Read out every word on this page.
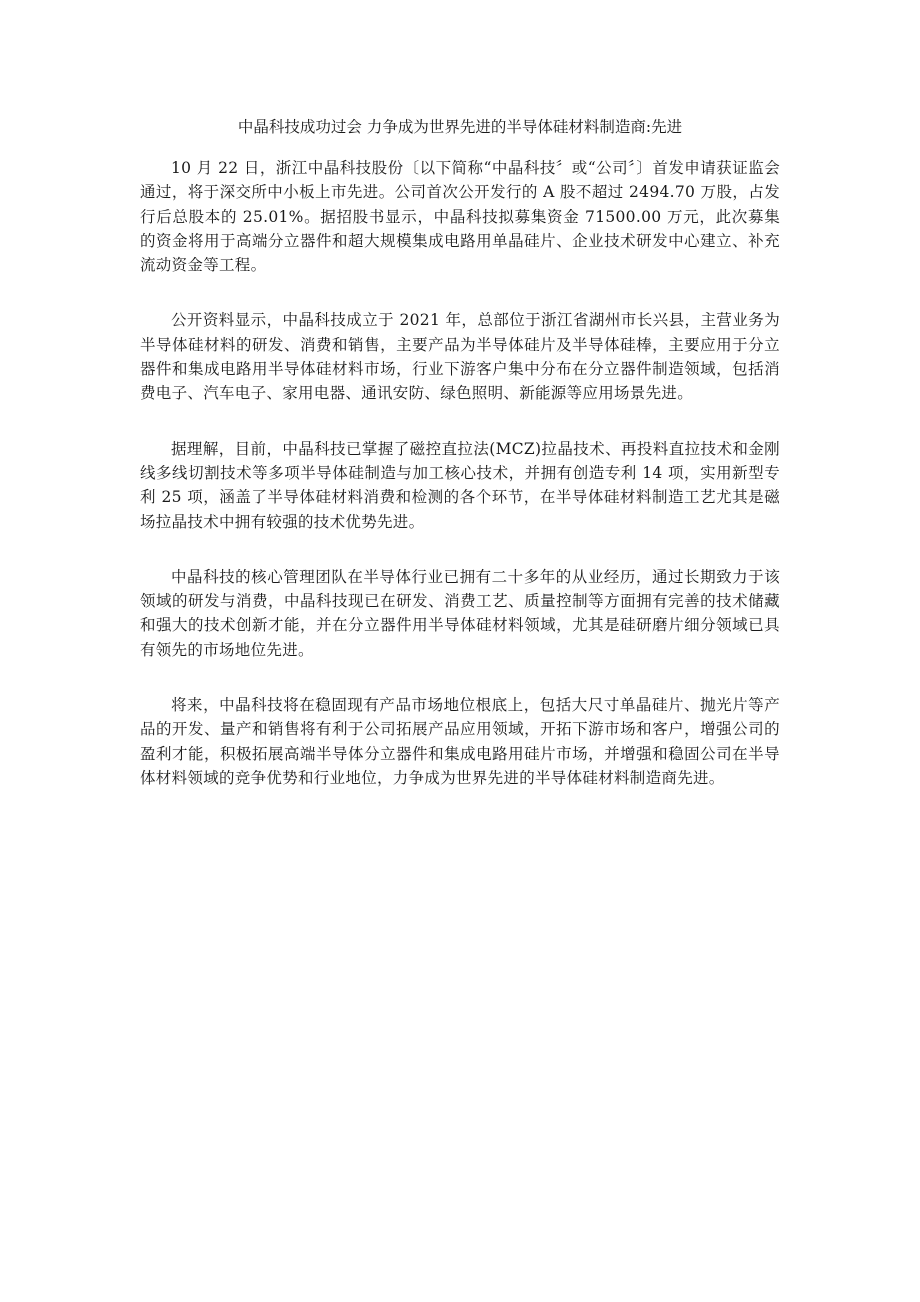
中晶科技成功过会 力争成为世界先进的半导体硅材料制造商:先进

10 月 22 日，浙江中晶科技股份〔以下简称“中晶科技〞或“公司〞〕首发申请获证监会通过，将于深交所中小板上市先进。公司首次公开发行的 A 股不超过 2494.70 万股，占发行后总股本的 25.01%。据招股书显示，中晶科技拟募集资金 71500.00 万元，此次募集的资金将用于高端分立器件和超大规模集成电路用单晶硅片、企业技术研发中心建立、补充流动资金等工程。

公开资料显示，中晶科技成立于 2021 年，总部位于浙江省湖州市长兴县，主营业务为半导体硅材料的研发、消费和销售，主要产品为半导体硅片及半导体硅棒，主要应用于分立器件和集成电路用半导体硅材料市场，行业下游客户集中分布在分立器件制造领域，包括消费电子、汽车电子、家用电器、通讯安防、绿色照明、新能源等应用场景先进。

据理解，目前，中晶科技已掌握了磁控直拉法(MCZ)拉晶技术、再投料直拉技术和金刚线多线切割技术等多项半导体硅制造与加工核心技术，并拥有创造专利 14 项，实用新型专利 25 项，涵盖了半导体硅材料消费和检测的各个环节，在半导体硅材料制造工艺尤其是磁场拉晶技术中拥有较强的技术优势先进。

中晶科技的核心管理团队在半导体行业已拥有二十多年的从业经历，通过长期致力于该领域的研发与消费，中晶科技现已在研发、消费工艺、质量控制等方面拥有完善的技术储藏和强大的技术创新才能，并在分立器件用半导体硅材料领域，尤其是硅研磨片细分领域已具有领先的市场地位先进。

将来，中晶科技将在稳固现有产品市场地位根底上，包括大尺寸单晶硅片、抛光片等产品的开发、量产和销售将有利于公司拓展产品应用领域，开拓下游市场和客户，增强公司的盈利才能，积极拓展高端半导体分立器件和集成电路用硅片市场，并增强和稳固公司在半导体材料领域的竞争优势和行业地位，力争成为世界先进的半导体硅材料制造商先进。
